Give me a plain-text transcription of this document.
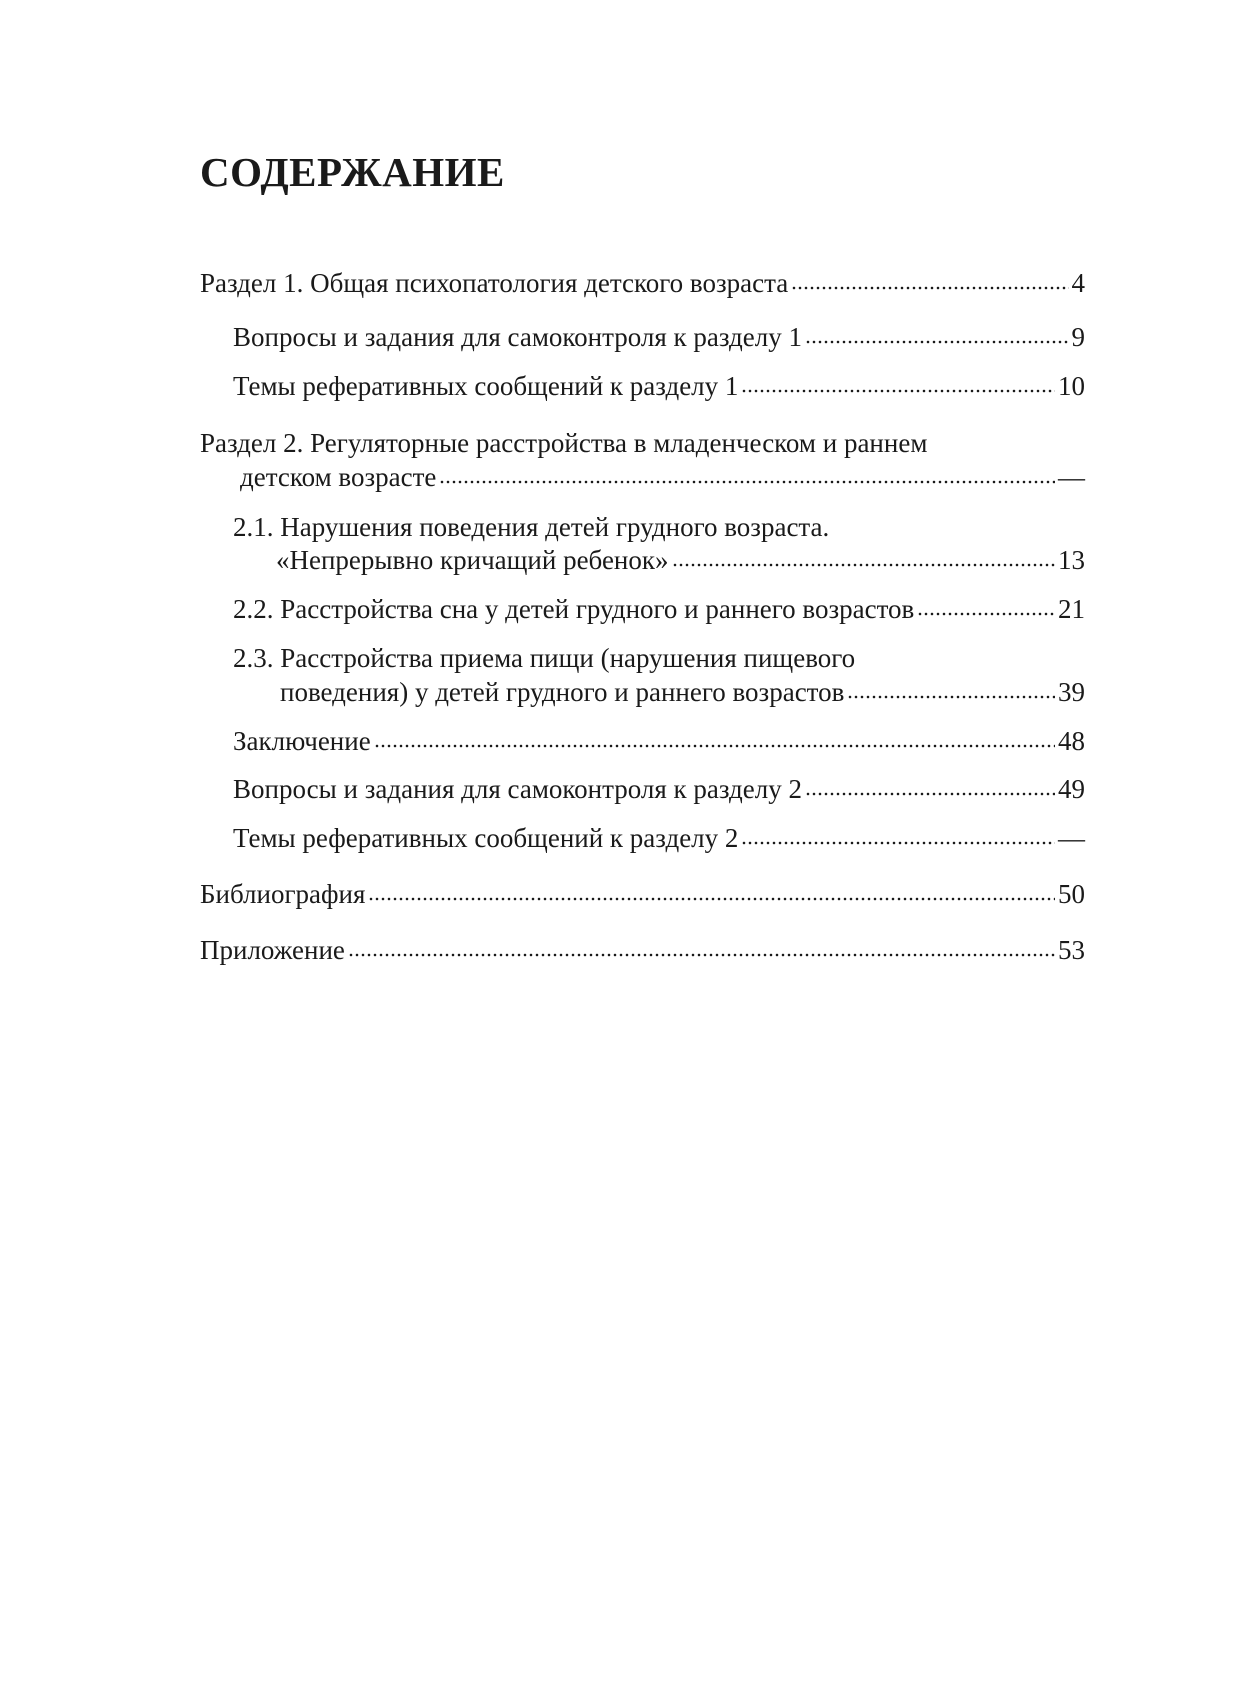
СОДЕРЖАНИЕ
Раздел 1. Общая психопатология детского возраста	4
Вопросы и задания для самоконтроля к разделу 1	9
Темы реферативных сообщений к разделу 1	10
Раздел 2. Регуляторные расстройства в младенческом и раннем
детском возрасте	—
2.1. Нарушения поведения детей грудного возраста.
«Непрерывно кричащий ребенок»	13
2.2. Расстройства сна у детей грудного и раннего возрастов	21
2.3. Расстройства приема пищи (нарушения пищевого
поведения) у детей грудного и раннего возрастов	39
Заключение	48
Вопросы и задания для самоконтроля к разделу 2	49
Темы реферативных сообщений к разделу 2	—
Библиография	50
Приложение	53
